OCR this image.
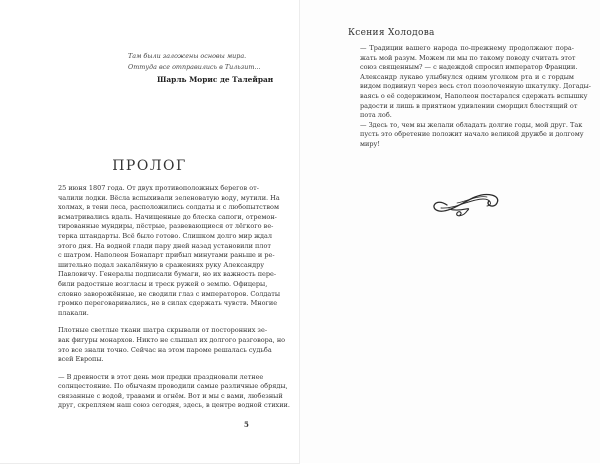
Там были заложены основы мира.
Оттуда все отправились в Тильзит...
Шарль Морис де Талейран
ПРОЛОГ
25 июня 1807 года. От двух противоположных берегов от-
чалили лодки. Вёсла вспыхивали зеленоватую воду, мутили. На
холмах, в тени леса, расположились солдаты и с любопытством
всматривались вдаль. Начищенные до блеска сапоги, отремон-
тированные мундиры, пёстрые, развевающиеся от лёгкого ве-
терка штандарты. Всё было готово. Слишком долго мир ждал
этого дня. На водной глади пару дней назад установили плот
с шатром. Наполеон Бонапарт прибыл минутами раньше и ре-
шительно подал закалённую в сражениях руку Александру
Павловичу. Генералы подписали бумаги, но их важность пере-
били радостные возгласы и треск ружей о землю. Офицеры,
словно заворожённые, не сводили глаз с императоров. Солдаты
громко переговаривались, не в силах сдержать чувств. Многие
плакали.
Плотные светлые ткани шатра скрывали от посторонних зе-
вак фигуры монархов. Никто не слышал их долгого разговора, но
это все знали точно. Сейчас на этом пароме решалась судьба
всей Европы.
— В древности в этот день мои предки праздновали летнее
солнцестояние. По обычаям проводили самые различные обряды,
связанные с водой, травами и огнём. Вот и мы с вами, любезный
друг, скрепляем наш союз сегодня, здесь, в центре водной стихии.
5
Ксения Холодова
— Традиции вашего народа по-прежнему продолжают пора-
жать мой разум. Можем ли мы по такому поводу считать этот
союз священным? — с надеждой спросил император Франции.
Александр лукаво улыбнулся одним уголком рта и с гордым
видом подвинул через весь стол позолоченную шкатулку. Догады-
ваясь о её содержимом, Наполеон постарался сдержать вспышку
радости и лишь в приятном удивлении сморщил блестящий от
пота лоб.
— Здесь то, чем вы желали обладать долгие годы, мой друг. Так
пусть это обретение положит начало великой дружбе и долгому
миру!
